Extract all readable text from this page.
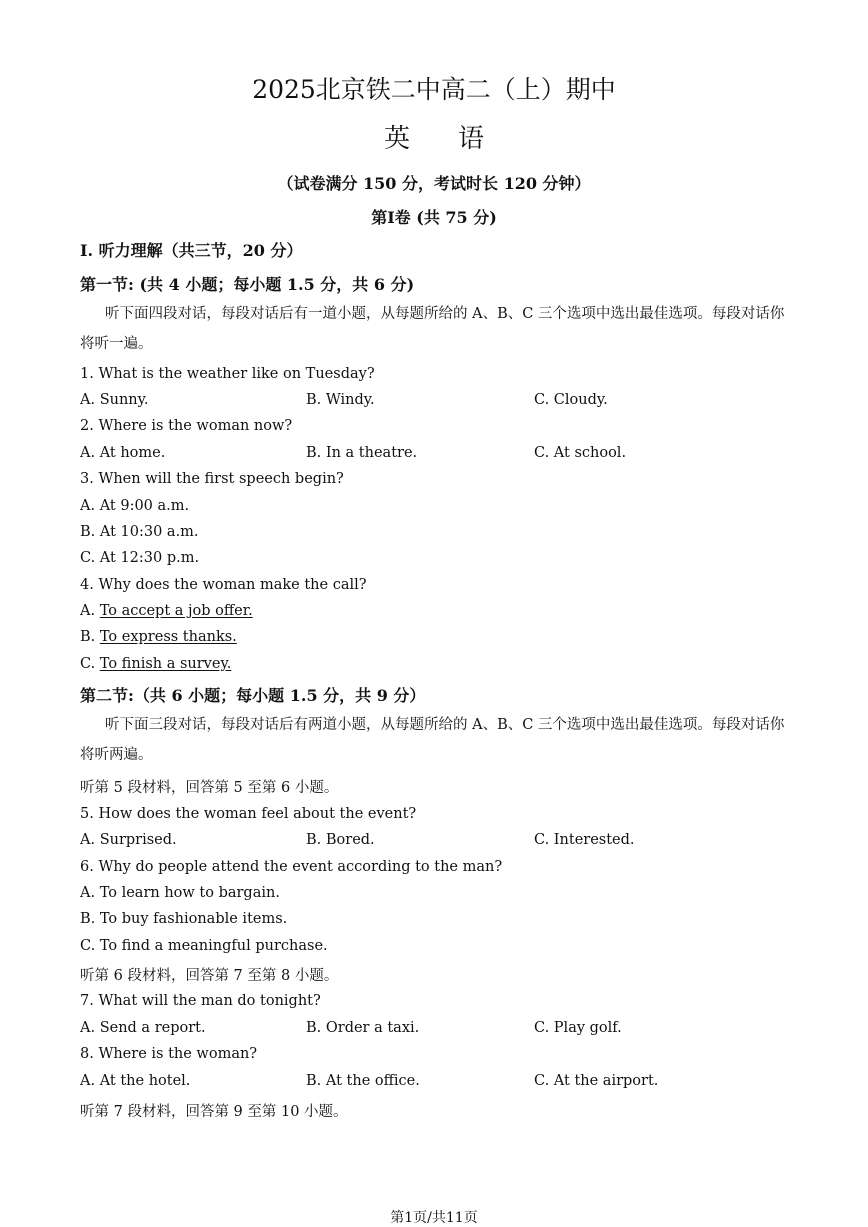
2025北京铁二中高二（上）期中
英语
（试卷满分 150 分，考试时长 120 分钟）
第Ⅰ卷 (共 75 分)
Ⅰ. 听力理解（共三节，20 分）
第一节: (共 4 小题；每小题 1.5 分，共 6 分)
听下面四段对话，每段对话后有一道小题，从每题所给的 A、B、C 三个选项中选出最佳选项。每段对话你将听一遍。
1. What is the weather like on Tuesday?
A. Sunny.	B. Windy.	C. Cloudy.
2. Where is the woman now?
A. At home.	B. In a theatre.	C. At school.
3. When will the first speech begin?
A. At 9:00 a.m.
B. At 10:30 a.m.
C. At 12:30 p.m.
4. Why does the woman make the call?
A. To accept a job offer.
B. To express thanks.
C. To finish a survey.
第二节:（共 6 小题；每小题 1.5 分，共 9 分）
听下面三段对话，每段对话后有两道小题，从每题所给的 A、B、C 三个选项中选出最佳选项。每段对话你将听两遍。
听第 5 段材料，回答第 5 至第 6 小题。
5. How does the woman feel about the event?
A. Surprised.	B. Bored.	C. Interested.
6. Why do people attend the event according to the man?
A. To learn how to bargain.
B. To buy fashionable items.
C. To find a meaningful purchase.
听第 6 段材料，回答第 7 至第 8 小题。
7. What will the man do tonight?
A. Send a report.	B. Order a taxi.	C. Play golf.
8. Where is the woman?
A. At the hotel.	B. At the office.	C. At the airport.
听第 7 段材料，回答第 9 至第 10 小题。
第1页/共11页
